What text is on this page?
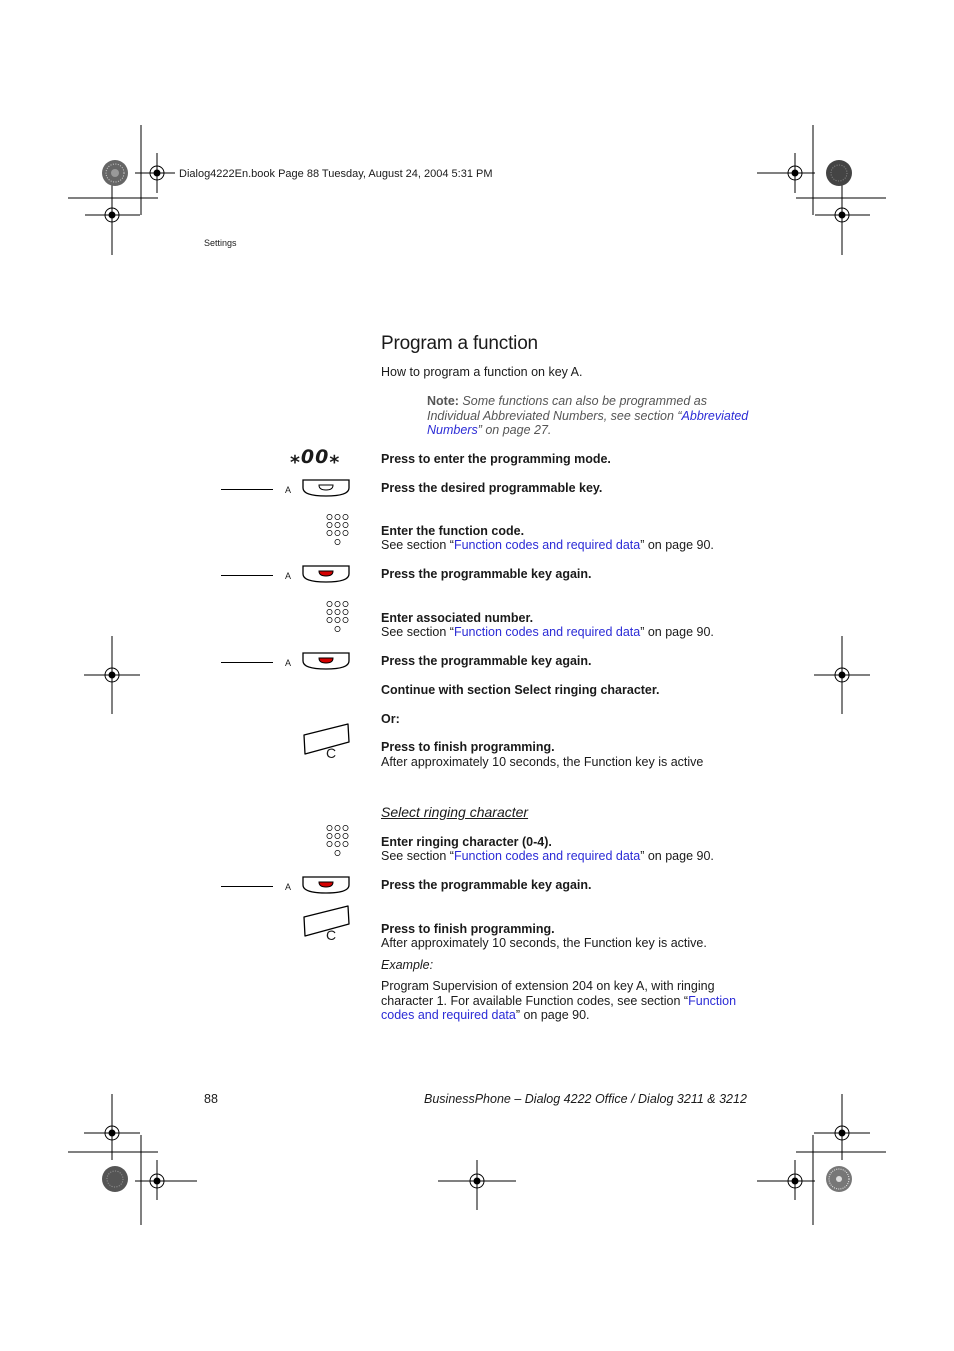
Dialog4222En.book Page 88 Tuesday, August 24, 2004 5:31 PM
Settings
Program a function
How to program a function on key A.
Note: Some functions can also be programmed as Individual Abbreviated Numbers, see section “Abbreviated Numbers” on page 27.
⁎00⁎	Press to enter the programming mode.
A	Press the desired programmable key.
Enter the function code.
See section “Function codes and required data” on page 90.
A	Press the programmable key again.
Enter associated number.
See section “Function codes and required data” on page 90.
A	Press the programmable key again.
Continue with section Select ringing character.
Or:
C	Press to finish programming.
After approximately 10 seconds, the Function key is active
Select ringing character
Enter ringing character (0-4).
See section “Function codes and required data” on page 90.
A	Press the programmable key again.
C	Press to finish programming.
After approximately 10 seconds, the Function key is active.
Example:
Program Supervision of extension 204 on key A, with ringing
character 1. For available Function codes, see section “Function
codes and required data” on page 90.
88	BusinessPhone – Dialog 4222 Office / Dialog 3211 & 3212
